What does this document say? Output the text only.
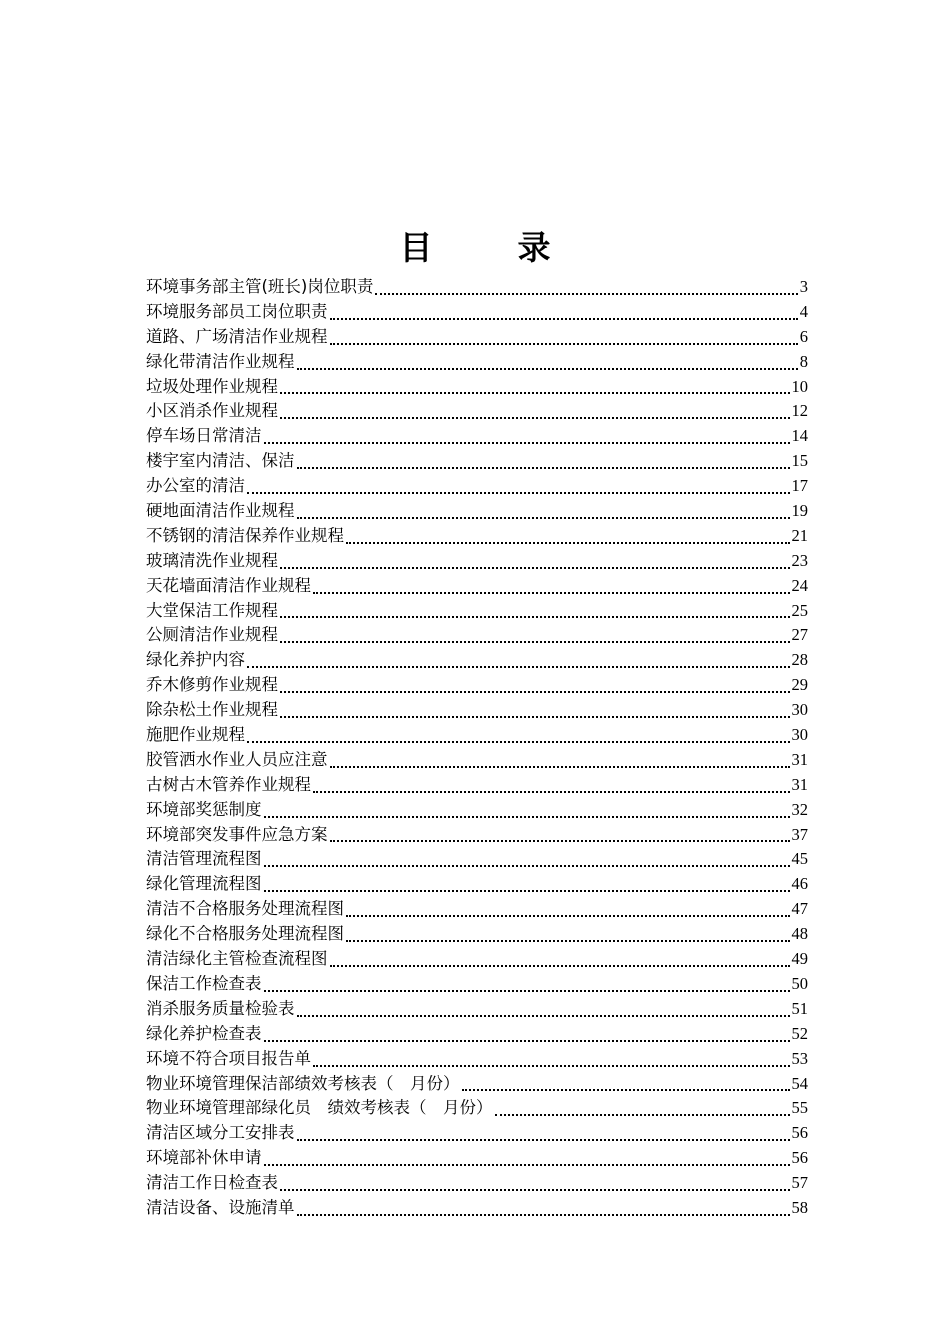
目　录
环境事务部主管(班长)岗位职责	3
环境服务部员工岗位职责	4
道路、广场清洁作业规程	6
绿化带清洁作业规程	8
垃圾处理作业规程	10
小区消杀作业规程	12
停车场日常清洁	14
楼宇室内清洁、保洁	15
办公室的清洁	17
硬地面清洁作业规程	19
不锈钢的清洁保养作业规程	21
玻璃清洗作业规程	23
天花墙面清洁作业规程	24
大堂保洁工作规程	25
公厕清洁作业规程	27
绿化养护内容	28
乔木修剪作业规程	29
除杂松土作业规程	30
施肥作业规程	30
胶管洒水作业人员应注意	31
古树古木管养作业规程	31
环境部奖惩制度	32
环境部突发事件应急方案	37
清洁管理流程图	45
绿化管理流程图	46
清洁不合格服务处理流程图	47
绿化不合格服务处理流程图	48
清洁绿化主管检查流程图	49
保洁工作检查表	50
消杀服务质量检验表	51
绿化养护检查表	52
环境不符合项目报告单	53
物业环境管理保洁部绩效考核表（　月份）	54
物业环境管理部绿化员　绩效考核表（　月份）	55
清洁区域分工安排表	56
环境部补休申请	56
清洁工作日检查表	57
清洁设备、设施清单	58
